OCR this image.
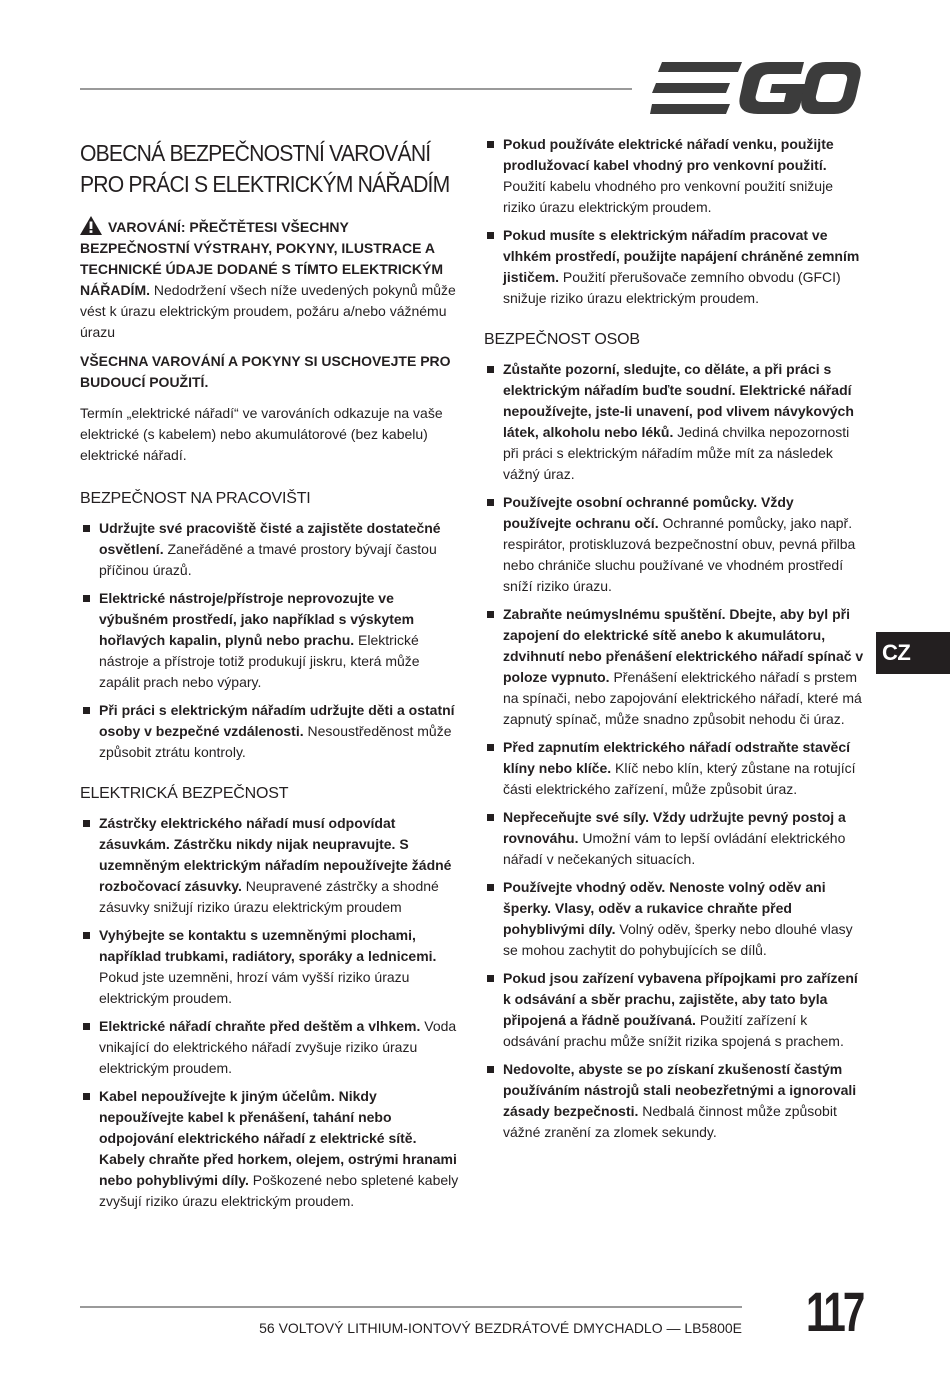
OBECNÁ BEZPEČNOSTNÍ VAROVÁNÍ PRO PRÁCI S ELEKTRICKÝM NÁŘADÍM

VAROVÁNÍ: PŘEČTĚTESI VŠECHNY BEZPEČNOSTNÍ VÝSTRAHY, POKYNY, ILUSTRACE A TECHNICKÉ ÚDAJE DODANÉ S TÍMTO ELEKTRICKÝM NÁŘADÍM. Nedodržení všech níže uvedených pokynů může vést k úrazu elektrickým proudem, požáru a/nebo vážnému úrazu

VŠECHNA VAROVÁNÍ A POKYNY SI USCHOVEJTE PRO BUDOUCÍ POUŽITÍ.

Termín „elektrické nářadí“ ve varováních odkazuje na vaše elektrické (s kabelem) nebo akumulátorové (bez kabelu) elektrické nářadí.

BEZPEČNOST NA PRACOVIŠTI
Udržujte své pracoviště čisté a zajistěte dostatečné osvětlení. Zaneřáděné a tmavé prostory bývají častou příčinou úrazů.
Elektrické nástroje/přístroje neprovozujte ve výbušném prostředí, jako například s výskytem hořlavých kapalin, plynů nebo prachu. Elektrické nástroje a přístroje totiž produkují jiskru, která může zapálit prach nebo výpary.
Při práci s elektrickým nářadím udržujte děti a ostatní osoby v bezpečné vzdálenosti. Nesoustředěnost může způsobit ztrátu kontroly.
ELEKTRICKÁ BEZPEČNOST
Zástrčky elektrického nářadí musí odpovídat zásuvkám. Zástrčku nikdy nijak neupravujte. S uzemněným elektrickým nářadím nepoužívejte žádné rozbočovací zásuvky. Neupravené zástrčky a shodné zásuvky snižují riziko úrazu elektrickým proudem
Vyhýbejte se kontaktu s uzemněnými plochami, například trubkami, radiátory, sporáky a lednicemi. Pokud jste uzemněni, hrozí vám vyšší riziko úrazu elektrickým proudem.
Elektrické nářadí chraňte před deštěm a vlhkem. Voda vnikající do elektrického nářadí zvyšuje riziko úrazu elektrickým proudem.
Kabel nepoužívejte k jiným účelům. Nikdy nepoužívejte kabel k přenášení, tahání nebo odpojování elektrického nářadí z elektrické sítě. Kabely chraňte před horkem, olejem, ostrými hranami nebo pohyblivými díly. Poškozené nebo spletené kabely zvyšují riziko úrazu elektrickým proudem.
Pokud používáte elektrické nářadí venku, použijte prodlužovací kabel vhodný pro venkovní použití. Použití kabelu vhodného pro venkovní použití snižuje riziko úrazu elektrickým proudem.
Pokud musíte s elektrickým nářadím pracovat ve vlhkém prostředí, použijte napájení chráněné zemním jističem. Použití přerušovače zemního obvodu (GFCI) snižuje riziko úrazu elektrickým proudem.
BEZPEČNOST OSOB
Zůstaňte pozorní, sledujte, co děláte, a při práci s elektrickým nářadím buďte soudní. Elektrické nářadí nepoužívejte, jste-li unavení, pod vlivem návykových látek, alkoholu nebo léků. Jediná chvilka nepozornosti při práci s elektrickým nářadím může mít za následek vážný úraz.
Používejte osobní ochranné pomůcky. Vždy používejte ochranu očí. Ochranné pomůcky, jako např. respirátor, protiskluzová bezpečnostní obuv, pevná přilba nebo chrániče sluchu používané ve vhodném prostředí sníží riziko úrazu.
Zabraňte neúmyslnému spuštění. Dbejte, aby byl při zapojení do elektrické sítě anebo k akumulátoru, zdvihnutí nebo přenášení elektrického nářadí spínač v poloze vypnuto. Přenášení elektrického nářadí s prstem na spínači, nebo zapojování elektrického nářadí, které má zapnutý spínač, může snadno způsobit nehodu či úraz.
Před zapnutím elektrického nářadí odstraňte stavěcí klíny nebo klíče. Klíč nebo klín, který zůstane na rotující části elektrického zařízení, může způsobit úraz.
Nepřeceňujte své síly. Vždy udržujte pevný postoj a rovnováhu. Umožní vám to lepší ovládání elektrického nářadí v nečekaných situacích.
Používejte vhodný oděv. Nenoste volný oděv ani šperky. Vlasy, oděv a rukavice chraňte před pohyblivými díly. Volný oděv, šperky nebo dlouhé vlasy se mohou zachytit do pohybujících se dílů.
Pokud jsou zařízení vybavena přípojkami pro zařízení k odsávání a sběr prachu, zajistěte, aby tato byla připojená a řádně používaná. Použití zařízení k odsávání prachu může snížit rizika spojená s prachem.
Nedovolte, abyste se po získaní zkušeností častým používáním nástrojů stali neobezřetnými a ignorovali zásady bezpečnosti. Nedbalá činnost může způsobit vážné zranění za zlomek sekundy.
CZ
56 VOLTOVÝ LITHIUM-IONTOVÝ BEZDRÁTOVÉ DMYCHADLO — LB5800E 117
